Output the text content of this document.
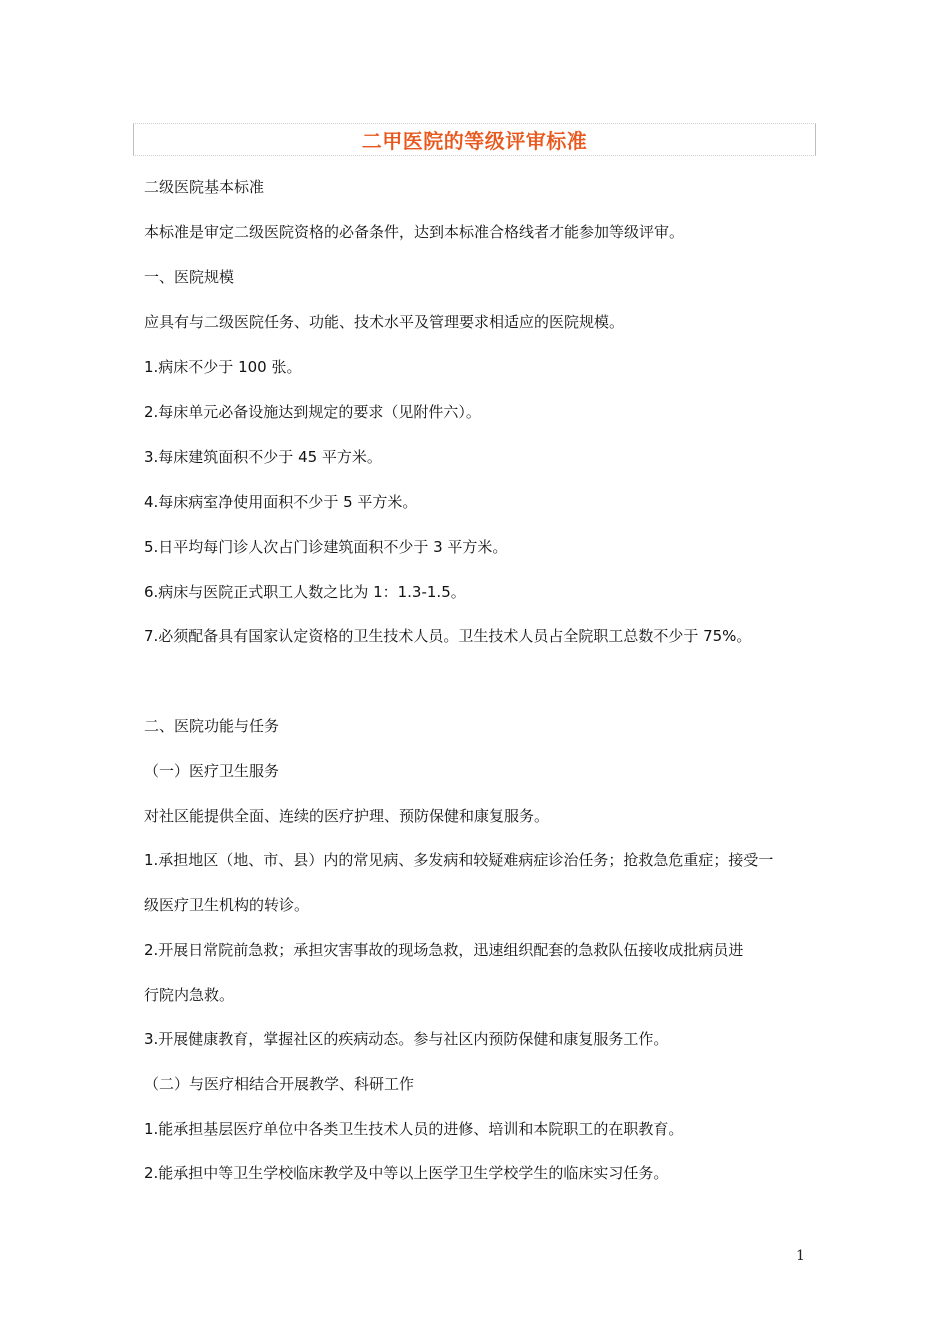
二甲医院的等级评审标准
二级医院基本标准
本标准是审定二级医院资格的必备条件，达到本标准合格线者才能参加等级评审。
一、医院规模
应具有与二级医院任务、功能、技术水平及管理要求相适应的医院规模。
1.病床不少于 100 张。
2.每床单元必备设施达到规定的要求（见附件六）。
3.每床建筑面积不少于 45 平方米。
4.每床病室净使用面积不少于 5 平方米。
5.日平均每门诊人次占门诊建筑面积不少于 3 平方米。
6.病床与医院正式职工人数之比为 1：1.3-1.5。
7.必须配备具有国家认定资格的卫生技术人员。卫生技术人员占全院职工总数不少于 75%。
二、医院功能与任务
（一）医疗卫生服务
对社区能提供全面、连续的医疗护理、预防保健和康复服务。
1.承担地区（地、市、县）内的常见病、多发病和较疑难病症诊治任务；抢救急危重症；接受一
级医疗卫生机构的转诊。
2.开展日常院前急救；承担灾害事故的现场急救，迅速组织配套的急救队伍接收成批病员进
行院内急救。
3.开展健康教育，掌握社区的疾病动态。参与社区内预防保健和康复服务工作。
（二）与医疗相结合开展教学、科研工作
1.能承担基层医疗单位中各类卫生技术人员的进修、培训和本院职工的在职教育。
2.能承担中等卫生学校临床教学及中等以上医学卫生学校学生的临床实习任务。
1
